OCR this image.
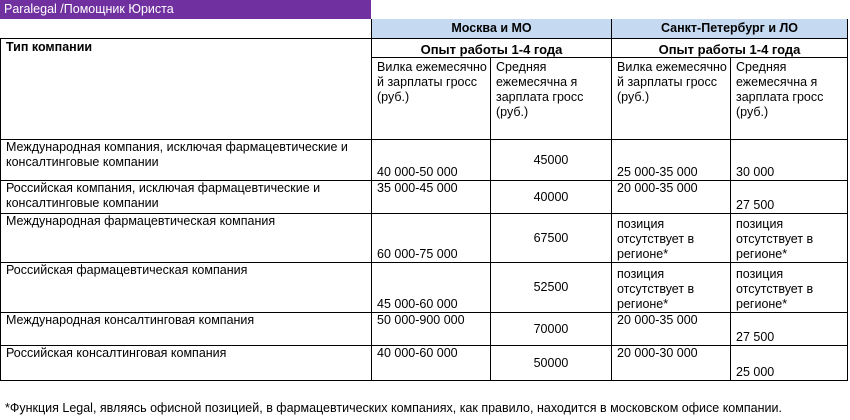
Paralegal /Помощник Юриста
	Москва и МО		Санкт-Петербург и ЛО	
Тип компании	Опыт работы 1-4 года		Опыт работы 1-4 года	
	Вилка ежемесячно й зарплаты гросс (руб.)	Средняя ежемесячна я зарплата гросс (руб.)	Вилка ежемесячно й зарплаты гросс (руб.)	Средняя ежемесячна я зарплата гросс (руб.)
Международная компания, исключая фармацевтические и консалтинговые компании	40 000-50 000	45000	25 000-35 000	30 000
Российская компания, исключая фармацевтические и консалтинговые компании	35 000-45 000	40000	20 000-35 000	27 500
Международная фармацевтическая компания	60 000-75 000	67500	позиция отсутствует в регионе*	позиция отсутствует в регионе*
Российская фармацевтическая компания	45 000-60 000	52500	позиция отсутствует в регионе*	позиция отсутствует в регионе*
Международная консалтинговая компания	50 000-900 000	70000	20 000-35 000	27 500
Российская консалтинговая компания	40 000-60 000	50000	20 000-30 000	25 000
*Функция Legal, являясь офисной позицией, в фармацевтических компаниях, как правило, находится в московском офисе компании.
